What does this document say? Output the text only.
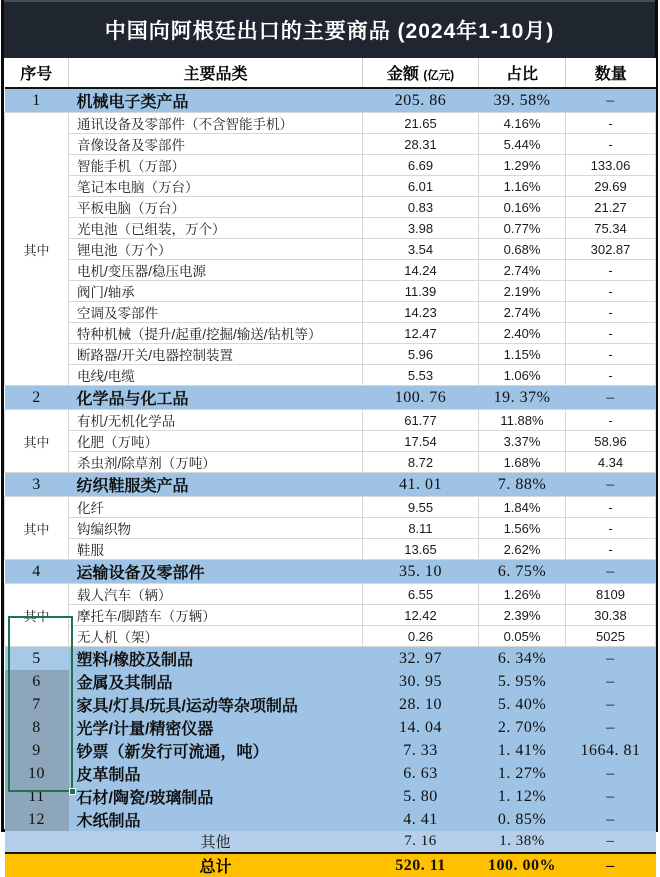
中国向阿根廷出口的主要商品 (2024年1-10月)
序号	主要品类	金额 (亿元)	占比	数量
1	机械电子类产品	205. 86	39. 58%	–
其中	通讯设备及零部件（不含智能手机）	21.65	4.16%	-
	音像设备及零部件	28.31	5.44%	-
	智能手机（万部）	6.69	1.29%	133.06
	笔记本电脑（万台）	6.01	1.16%	29.69
	平板电脑（万台）	0.83	0.16%	21.27
	光电池（已组装，万个）	3.98	0.77%	75.34
	锂电池（万个）	3.54	0.68%	302.87
	电机/变压器/稳压电源	14.24	2.74%	-
	阀门/轴承	11.39	2.19%	-
	空调及零部件	14.23	2.74%	-
	特种机械（提升/起重/挖掘/输送/钻机等）	12.47	2.40%	-
	断路器/开关/电器控制装置	5.96	1.15%	-
	电线/电缆	5.53	1.06%	-
2	化学品与化工品	100. 76	19. 37%	–
其中	有机/无机化学品	61.77	11.88%	-
	化肥（万吨）	17.54	3.37%	58.96
	杀虫剂/除草剂（万吨）	8.72	1.68%	4.34
3	纺织鞋服类产品	41. 01	7. 88%	–
其中	化纤	9.55	1.84%	-
	钩编织物	8.11	1.56%	-
	鞋服	13.65	2.62%	-
4	运输设备及零部件	35. 10	6. 75%	–
其中	载人汽车（辆）	6.55	1.26%	8109
	摩托车/脚踏车（万辆）	12.42	2.39%	30.38
	无人机（架）	0.26	0.05%	5025
5	塑料/橡胶及制品	32. 97	6. 34%	–
6	金属及其制品	30. 95	5. 95%	–
7	家具/灯具/玩具/运动等杂项制品	28. 10	5. 40%	–
8	光学/计量/精密仪器	14. 04	2. 70%	–
9	钞票（新发行可流通，吨）	7. 33	1. 41%	1664. 81
10	皮革制品	6. 63	1. 27%	–
11	石材/陶瓷/玻璃制品	5. 80	1. 12%	–
12	木纸制品	4. 41	0. 85%	–
	其他	7. 16	1. 38%	–
	总计	520. 11	100. 00%	–
